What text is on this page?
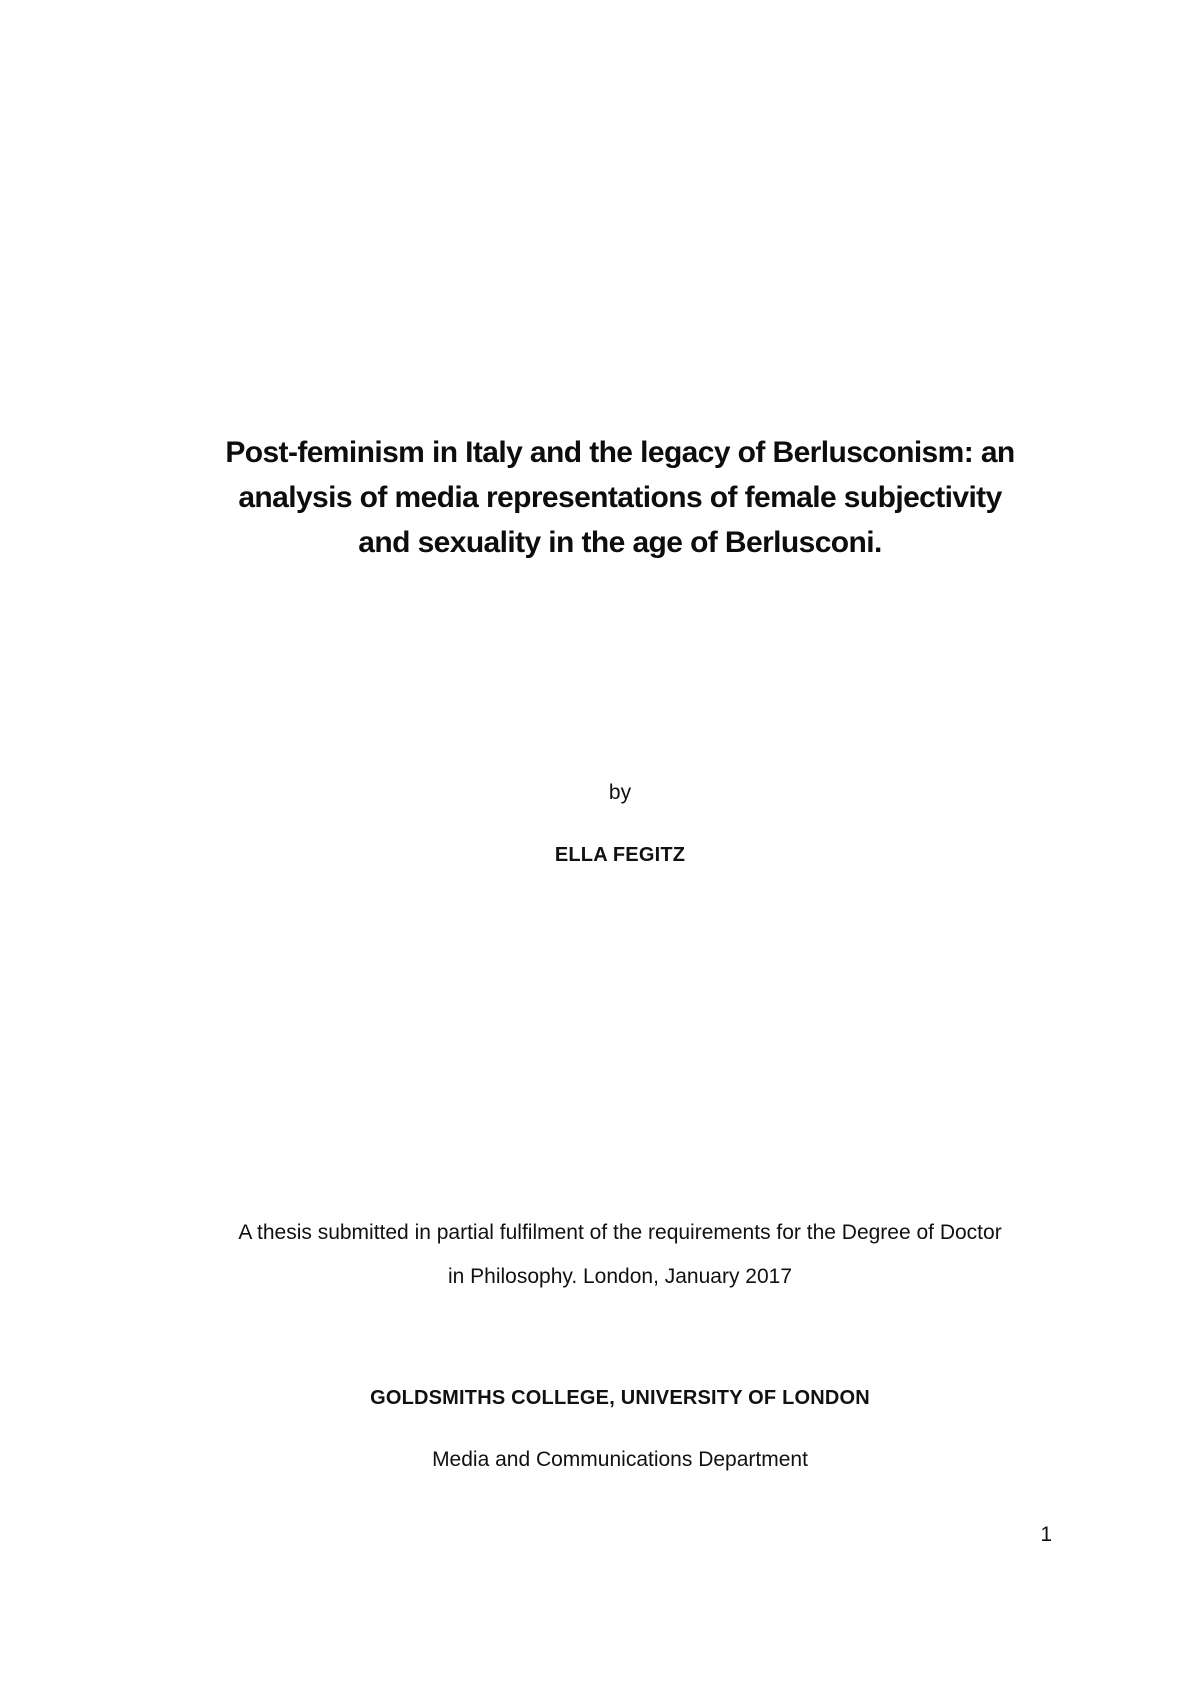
Post-feminism in Italy and the legacy of Berlusconism: an
analysis of media representations of female subjectivity
and sexuality in the age of Berlusconi.

by

ELLA FEGITZ

A thesis submitted in partial fulfilment of the requirements for the Degree of Doctor
in Philosophy. London, January 2017

GOLDSMITHS COLLEGE, UNIVERSITY OF LONDON

Media and Communications Department

1
